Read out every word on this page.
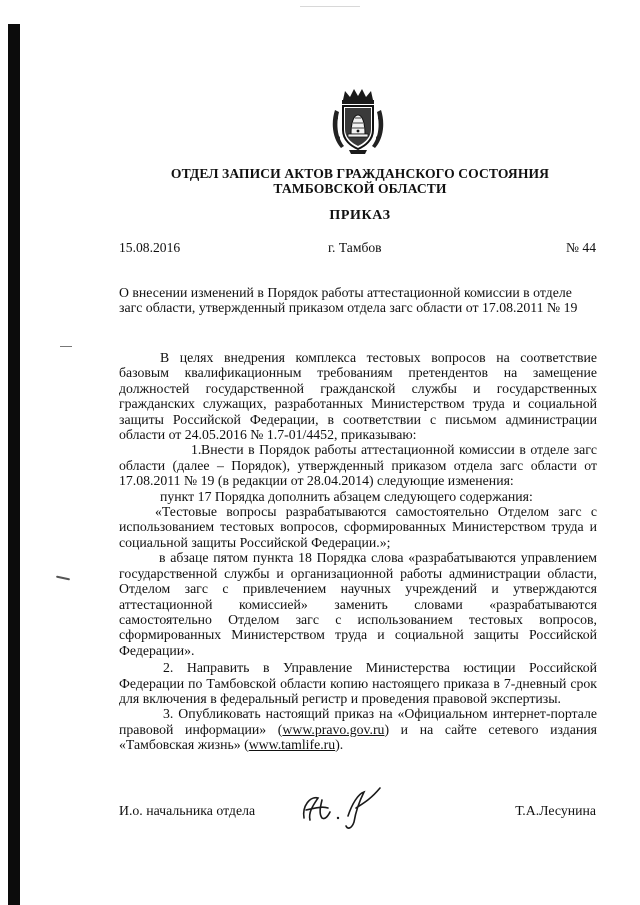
ОТДЕЛ ЗАПИСИ АКТОВ ГРАЖДАНСКОГО СОСТОЯНИЯ
ТАМБОВСКОЙ ОБЛАСТИ
ПРИКАЗ
15.08.2016	г. Тамбов	№ 44
О внесении изменений в Порядок работы аттестационной комиссии в отделе загс области, утвержденный приказом отдела загс области от 17.08.2011 № 19

В целях внедрения комплекса тестовых вопросов на соответствие базовым квалификационным требованиям претендентов на замещение должностей государственной гражданской службы и государственных гражданских служащих, разработанных Министерством труда и социальной защиты Российской Федерации, в соответствии с письмом администрации области от 24.05.2016 № 1.7-01/4452, приказываю:

1.Внести в Порядок работы аттестационной комиссии в отделе загс области (далее – Порядок), утвержденный приказом отдела загс области от 17.08.2011 № 19 (в редакции от 28.04.2014) следующие изменения:

пункт 17 Порядка дополнить абзацем следующего содержания:

«Тестовые вопросы разрабатываются самостоятельно Отделом загс с использованием тестовых вопросов, сформированных Министерством труда и социальной защиты Российской Федерации.»;

в абзаце пятом пункта 18 Порядка слова «разрабатываются управлением государственной службы и организационной работы администрации области, Отделом загс с привлечением научных учреждений и утверждаются аттестационной комиссией» заменить словами «разрабатываются самостоятельно Отделом загс с использованием тестовых вопросов, сформированных Министерством труда и социальной защиты Российской Федерации».

2. Направить в Управление Министерства юстиции Российской Федерации по Тамбовской области копию настоящего приказа в 7-дневный срок для включения в федеральный регистр и проведения правовой экспертизы.

3. Опубликовать настоящий приказ на «Официальном интернет-портале правовой информации» (www.pravo.gov.ru) и на сайте сетевого издания «Тамбовская жизнь» (www.tamlife.ru).

И.о. начальника отдела	Т.А.Лесунина
